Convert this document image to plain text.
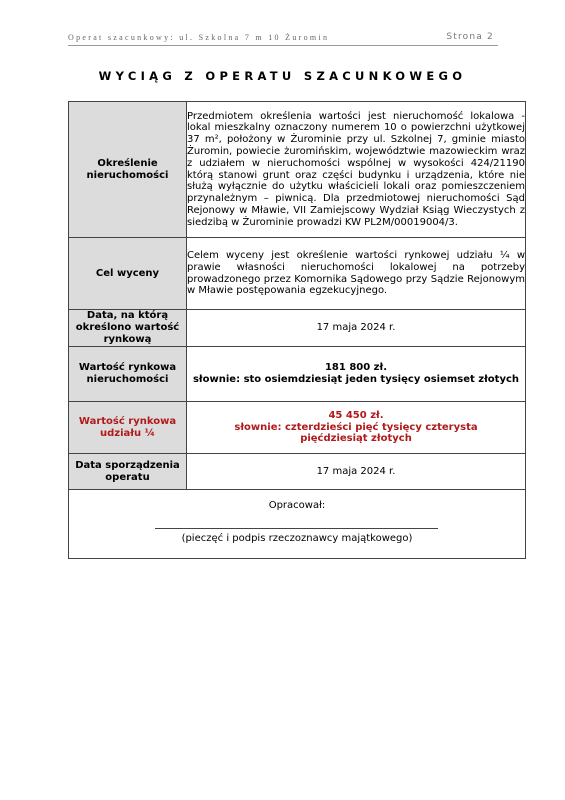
Operat szacunkowy: ul. Szkolna 7 m 10 Żuromin	Strona 2
WYCIĄG Z OPERATU SZACUNKOWEGO
Określenie nieruchomości	Przedmiotem określenia wartości jest nieruchomość lokalowa - lokal mieszkalny oznaczony numerem 10 o powierzchni użytkowej 37 m², położony w Żurominie przy ul. Szkolnej 7, gminie miasto Żuromin, powiecie żuromińskim, województwie mazowieckim wraz z udziałem w nieruchomości wspólnej w wysokości 424/21190 którą stanowi grunt oraz części budynku i urządzenia, które nie służą wyłącznie do użytku właścicieli lokali oraz pomieszczeniem przynależnym – piwnicą. Dla przedmiotowej nieruchomości Sąd Rejonowy w Mławie, VII Zamiejscowy Wydział Ksiąg Wieczystych z siedzibą w Żurominie prowadzi KW PL2M/00019004/3.
Cel wyceny	Celem wyceny jest określenie wartości rynkowej udziału ¼ w prawie własności nieruchomości lokalowej na potrzeby prowadzonego przez Komornika Sądowego przy Sądzie Rejonowym w Mławie postępowania egzekucyjnego.
Data, na którą określono wartość rynkową	17 maja 2024 r.
Wartość rynkowa nieruchomości	181 800 zł.
słownie: sto osiemdziesiąt jeden tysięcy osiemset złotych

Wartość rynkowa udziału ¼	45 450 zł.
słownie: czterdzieści pięć tysięcy czterysta pięćdziesiąt złotych

Data sporządzenia operatu	17 maja 2024 r.

Opracował:
(pieczęć i podpis rzeczoznawcy majątkowego)	
